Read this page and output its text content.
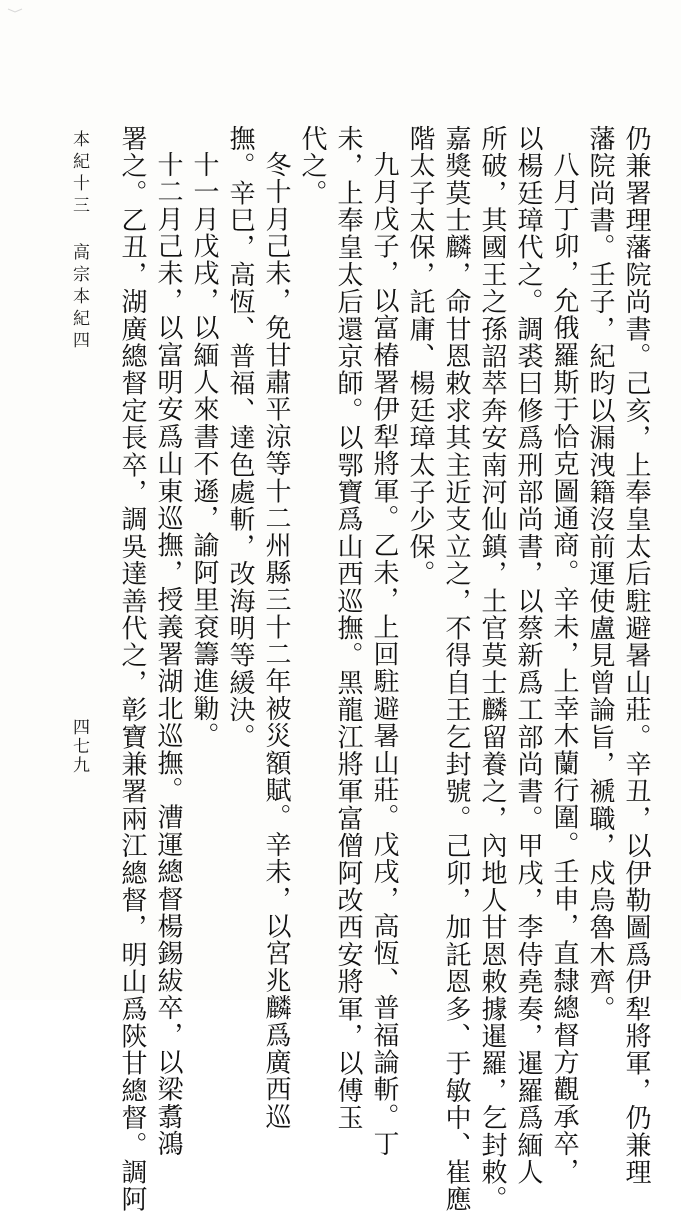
仍兼署理藩院尚書。己亥，上奉皇太后駐避暑山莊。辛丑，以伊勒圖爲伊犁將軍，仍兼理
藩院尚書。壬子，紀昀以漏洩籍沒前運使盧見曾論旨，褫職，戍烏魯木齊。
八月丁卯，允俄羅斯于恰克圖通商。辛未，上幸木蘭行圍。壬申，直隸總督方觀承卒，
以楊廷璋代之。調裘曰修爲刑部尚書，以蔡新爲工部尚書。甲戌，李侍堯奏，暹羅爲緬人
所破，其國王之孫詔萃奔安南河仙鎮，土官莫士麟留養之，內地人甘恩敕據暹羅，乞封敕。
嘉獎莫士麟，命甘恩敕求其主近支立之，不得自王乞封號。己卯，加託恩多、于敏中、崔應
階太子太保，託庸、楊廷璋太子少保。
九月戊子，以富椿署伊犁將軍。乙未，上回駐避暑山莊。戊戌，高恆、普福論斬。丁
未，上奉皇太后還京師。以鄂寶爲山西巡撫。黑龍江將軍富僧阿改西安將軍，以傅玉
代之。
冬十月己未，免甘肅平涼等十二州縣三十二年被災額賦。辛未，以宮兆麟爲廣西巡
撫。辛巳，高恆、普福、達色處斬，改海明等緩決。
十一月戊戌，以緬人來書不遜，諭阿里袞籌進勦。
十二月己未，以富明安爲山東巡撫，授義署湖北巡撫。漕運總督楊錫紱卒，以梁翥鴻
署之。乙丑，湖廣總督定長卒，調吳達善代之，彰寶兼署兩江總督，明山爲陝甘總督。調阿
本紀十三
高宗本紀四
四七九
